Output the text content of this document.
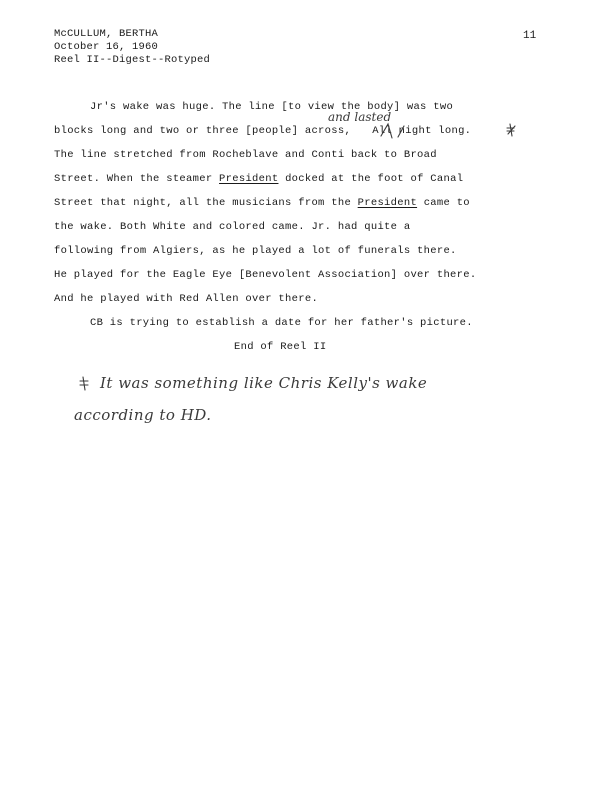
McCULLUM, BERTHA
October 16, 1960
Reel II--Digest--Rotyped
11
Jr's wake was huge. The line [to view the body] was two
blocks long and two or three [people] across, All night long.
and lasted
The line stretched from Rocheblave and Conti back to Broad
Street. When the steamer President docked at the foot of Canal
Street that night, all the musicians from the President came to
the wake. Both White and colored came. Jr. had quite a
following from Algiers, as he played a lot of funerals there.
He played for the Eagle Eye [Benevolent Association] over there.
And he played with Red Allen over there.
CB is trying to establish a date for her father's picture.
End of Reel II
It was something like Chris Kelly's wake
according to HD.
